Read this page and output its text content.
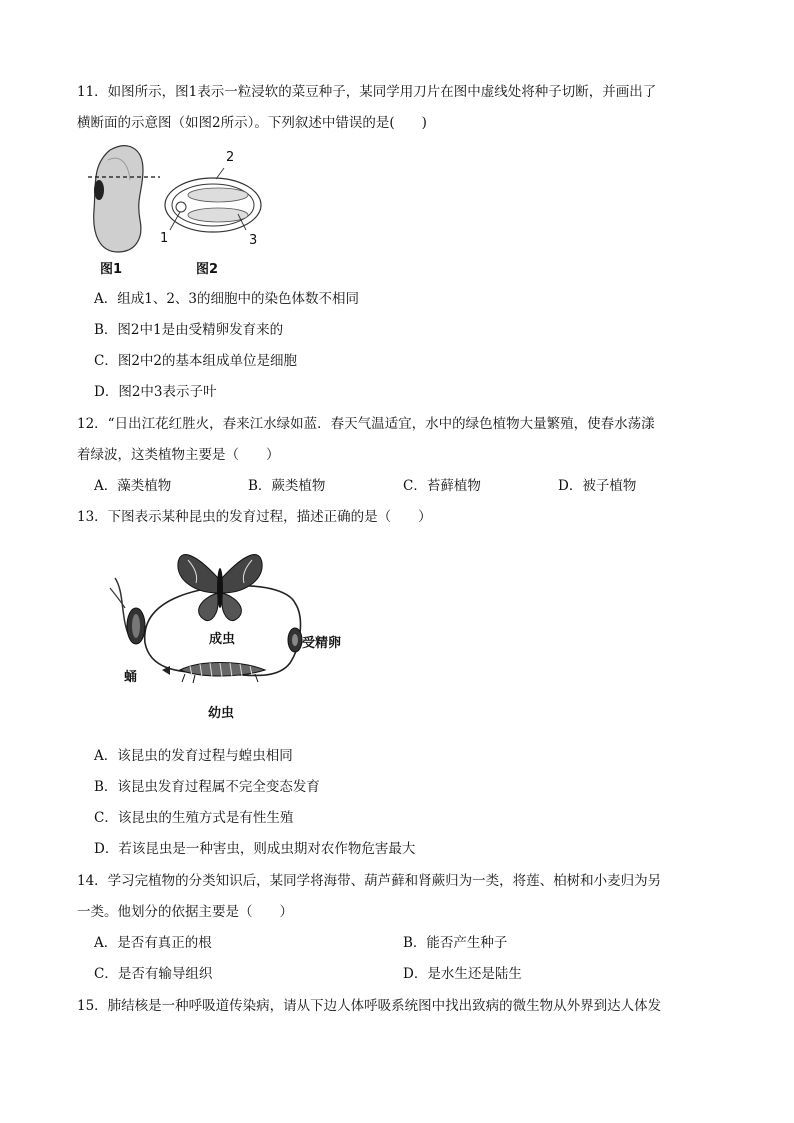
11．如图所示，图1表示一粒浸软的菜豆种子，某同学用刀片在图中虚线处将种子切断，并画出了
横断面的示意图（如图2所示）。下列叙述中错误的是(　　)
2
1	3
图1	图2
A．组成1、2、3的细胞中的染色体数不相同
B．图2中1是由受精卵发育来的
C．图2中2的基本组成单位是细胞
D．图2中3表示子叶
12．“日出江花红胜火，春来江水绿如蓝．春天气温适宜，水中的绿色植物大量繁殖，使春水荡漾
着绿波，这类植物主要是（　　）
A．藻类植物	B．蕨类植物	C．苔藓植物	D．被子植物
13．下图表示某种昆虫的发育过程，描述正确的是（　　）
成虫	受精卵
蛹
幼虫
A．该昆虫的发育过程与蝗虫相同
B．该昆虫发育过程属不完全变态发育
C．该昆虫的生殖方式是有性生殖
D．若该昆虫是一种害虫，则成虫期对农作物危害最大
14．学习完植物的分类知识后，某同学将海带、葫芦藓和肾蕨归为一类，将莲、柏树和小麦归为另
一类。他划分的依据主要是（　　）
A．是否有真正的根	B．能否产生种子
C．是否有输导组织	D．是水生还是陆生
15．肺结核是一种呼吸道传染病，请从下边人体呼吸系统图中找出致病的微生物从外界到达人体发
